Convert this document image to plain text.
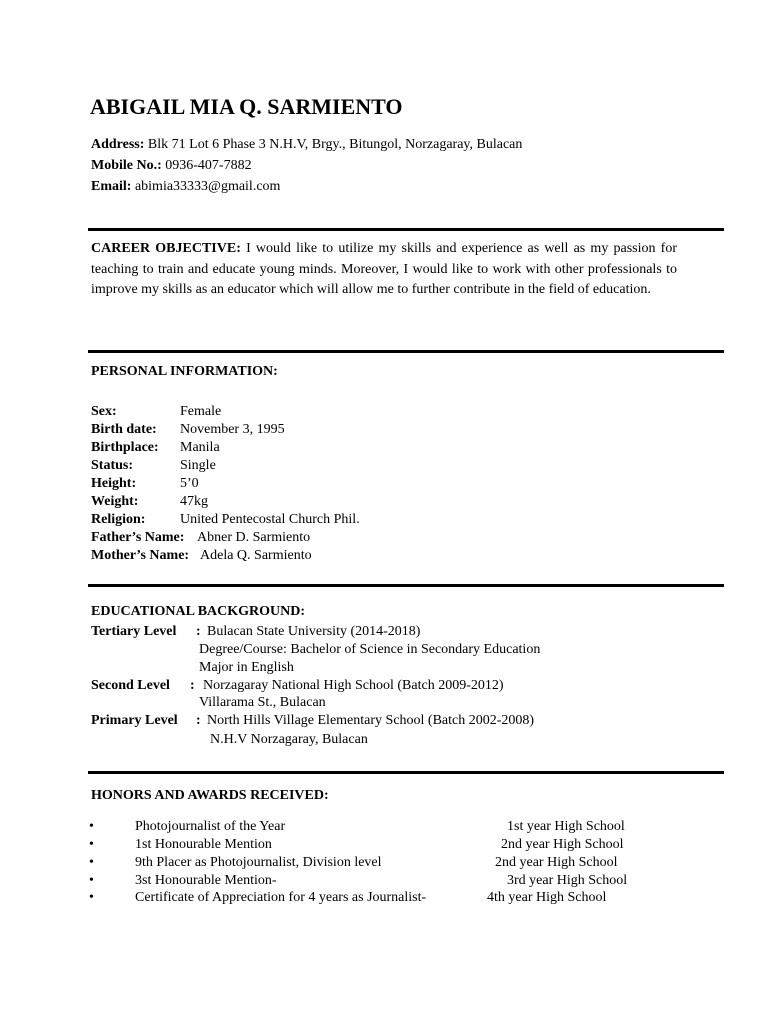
ABIGAIL MIA Q. SARMIENTO
Address: Blk 71 Lot 6 Phase 3 N.H.V, Brgy., Bitungol, Norzagaray, Bulacan
Mobile No.: 0936-407-7882
Email: abimia33333@gmail.com
CAREER OBJECTIVE: I would like to utilize my skills and experience as well as my passion for teaching to train and educate young minds. Moreover, I would like to work with other professionals to improve my skills as an educator which will allow me to further contribute in the field of education.
PERSONAL INFORMATION:
Sex:	Female
Birth date: November 3, 1995
Birthplace: Manila
Status:	Single
Height:	5’0
Weight:	47kg
Religion: United Pentecostal Church Phil.
Father’s Name: Abner D. Sarmiento
Mother’s Name: Adela Q. Sarmiento
EDUCATIONAL BACKGROUND:
Tertiary Level : Bulacan State University (2014-2018)
Degree/Course: Bachelor of Science in Secondary Education
Major in English
Second Level : Norzagaray National High School (Batch 2009-2012)
Villarama St., Bulacan
Primary Level : North Hills Village Elementary School (Batch 2002-2008)
N.H.V Norzagaray, Bulacan
HONORS AND AWARDS RECEIVED:
•	Photojournalist of the Year	1st year High School
•	1st Honourable Mention	2nd year High School
•	9th Placer as Photojournalist, Division level	2nd year High School
•	3st Honourable Mention-	3rd year High School
•	Certificate of Appreciation for 4 years as Journalist-	4th year High School
